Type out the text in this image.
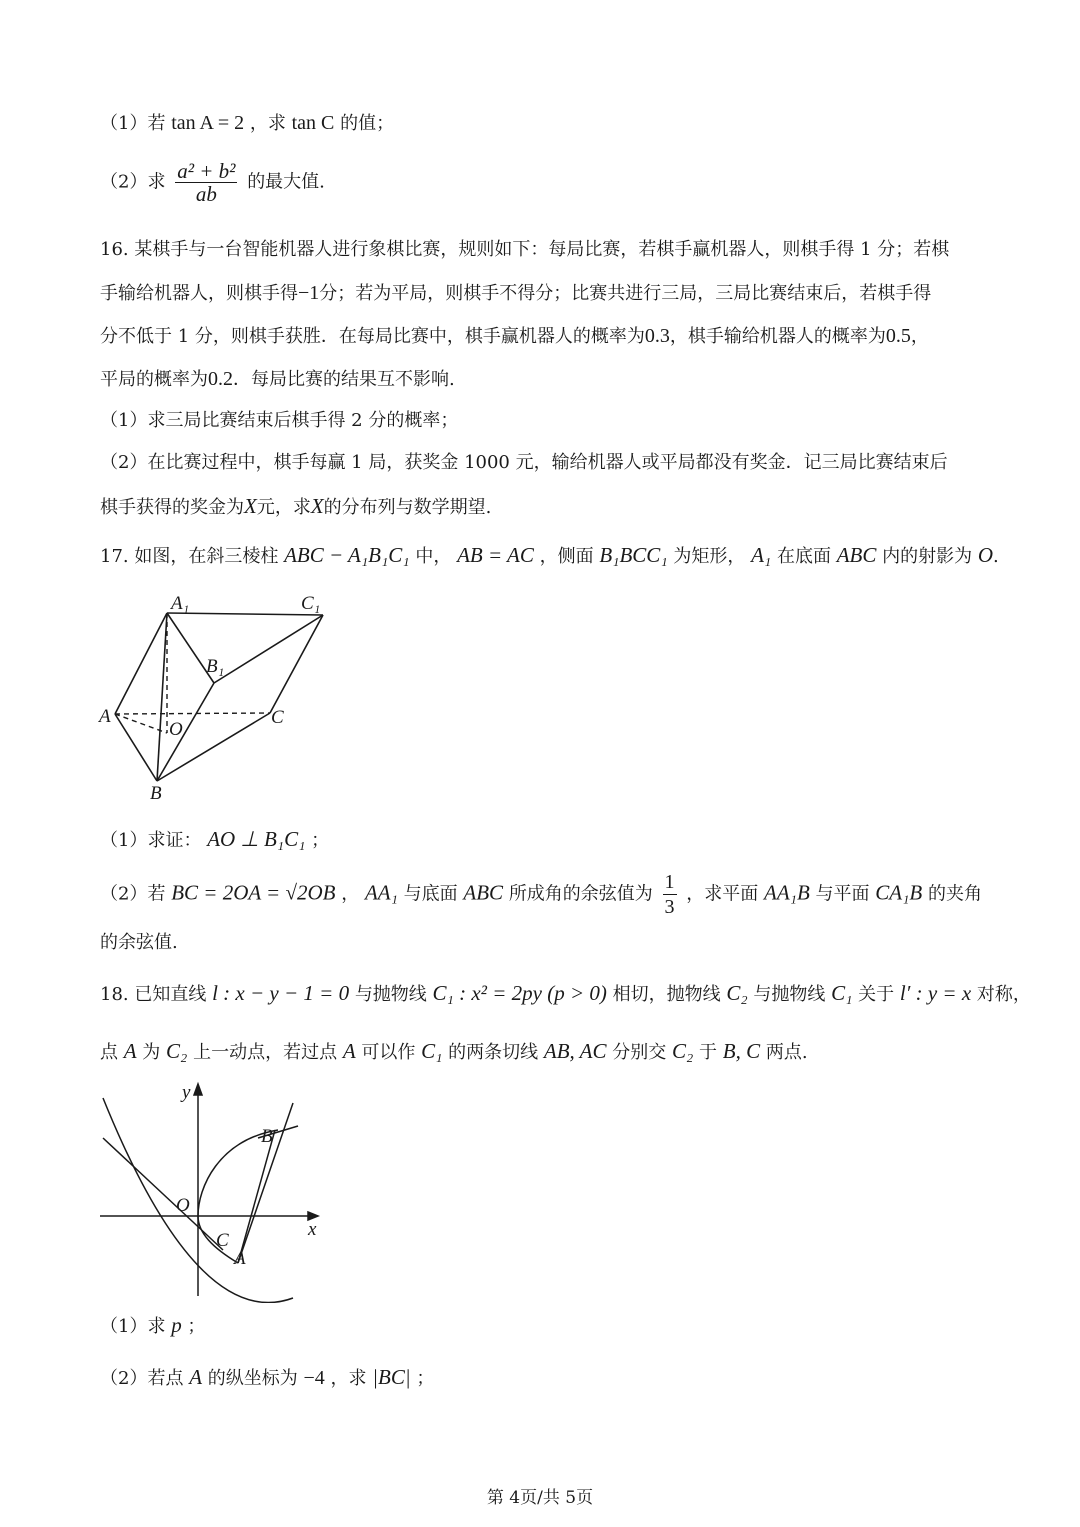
（1）若 tan A = 2 ，求 tan C 的值；
（2）求 $\frac{\text{a² + b²}}{ab}$ 的最大值.
16. 某棋手与一台智能机器人进行象棋比赛，规则如下：每局比赛，若棋手赢机器人，则棋手得 1 分；若棋
手输给机器人，则棋手得−1分；若为平局，则棋手不得分；比赛共进行三局，三局比赛结束后，若棋手得
分不低于 1 分，则棋手获胜．在每局比赛中，棋手赢机器人的概率为0.3，棋手输给机器人的概率为0.5，
平局的概率为0.2．每局比赛的结果互不影响.
（1）求三局比赛结束后棋手得 2 分的概率；
（2）在比赛过程中，棋手每赢 1 局，获奖金 1000 元，输给机器人或平局都没有奖金．记三局比赛结束后
棋手获得的奖金为X元，求X的分布列与数学期望.
17. 如图，在斜三棱柱 ABC − A₁B₁C₁ 中， AB = AC ，侧面 B₁BCC₁ 为矩形， A₁ 在底面 ABC 内的射影为 O.
A₁	C₁
B₁
A
O
C
B
（1）求证： AO ⊥ B₁C₁ ；
（2）若 BC = 2OA = √2OB ， AA₁ 与底面 ABC 所成角的余弦值为 $\frac{1}{3}$ ，求平面 AA₁B 与平面 CA₁B 的夹角
的余弦值.
18. 已知直线 l : x − y − 1 = 0 与抛物线 C₁ : x² = 2py (p > 0) 相切，抛物线 C₂ 与抛物线 C₁ 关于 l′ : y = x 对称，
点 A 为 C₂ 上一动点，若过点 A 可以作 C₁ 的两条切线 AB, AC 分别交 C₂ 于 B, C 两点.
y
x
O
B
C
A
（1）求 p ；
（2）若点 A 的纵坐标为 −4 ，求 |BC| ；
第 4页/共 5页
